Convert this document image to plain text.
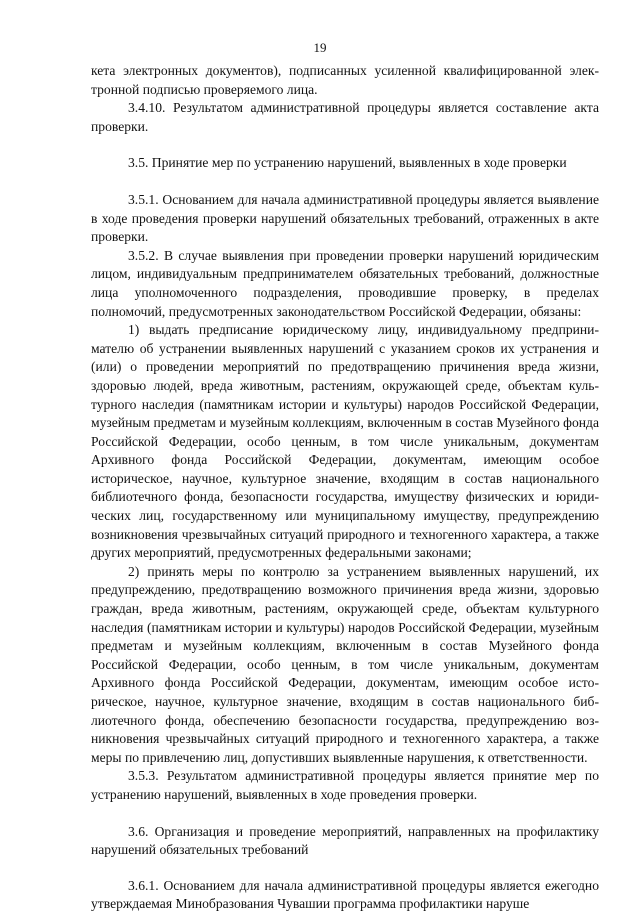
19

кета электронных документов), подписанных усиленной квалифицированной электронной подписью проверяемого лица.

3.4.10. Результатом административной процедуры является составление акта проверки.

3.5. Принятие мер по устранению нарушений, выявленных в ходе проверки

3.5.1. Основанием для начала административной процедуры является выявление в ходе проведения проверки нарушений обязательных требований, отраженных в акте проверки.

3.5.2. В случае выявления при проведении проверки нарушений юридическим лицом, индивидуальным предпринимателем обязательных требований, должностные лица уполномоченного подразделения, проводившие проверку, в пределах полномочий, предусмотренных законодательством Российской Федерации, обязаны:

1) выдать предписание юридическому лицу, индивидуальному предпринимателю об устранении выявленных нарушений с указанием сроков их устранения и (или) о проведении мероприятий по предотвращению причинения вреда жизни, здоровью людей, вреда животным, растениям, окружающей среде, объектам культурного наследия (памятникам истории и культуры) народов Российской Федерации, музейным предметам и музейным коллекциям, включенным в состав Музейного фонда Российской Федерации, особо ценным, в том числе уникальным, документам Архивного фонда Российской Федерации, документам, имеющим особое историческое, научное, культурное значение, входящим в состав национального библиотечного фонда, безопасности государства, имуществу физических и юридических лиц, государственному или муниципальному имуществу, предупреждению возникновения чрезвычайных ситуаций природного и техногенного характера, а также других мероприятий, предусмотренных федеральными законами;

2) принять меры по контролю за устранением выявленных нарушений, их предупреждению, предотвращению возможного причинения вреда жизни, здоровью граждан, вреда животным, растениям, окружающей среде, объектам культурного наследия (памятникам истории и культуры) народов Российской Федерации, музейным предметам и музейным коллекциям, включенным в состав Музейного фонда Российской Федерации, особо ценным, в том числе уникальным, документам Архивного фонда Российской Федерации, документам, имеющим особое историческое, научное, культурное значение, входящим в состав национального библиотечного фонда, обеспечению безопасности государства, предупреждению возникновения чрезвычайных ситуаций природного и техногенного характера, а также меры по привлечению лиц, допустивших выявленные нарушения, к ответственности.

3.5.3. Результатом административной процедуры является принятие мер по устранению нарушений, выявленных в ходе проведения проверки.

3.6. Организация и проведение мероприятий, направленных на профилактику нарушений обязательных требований

3.6.1. Основанием для начала административной процедуры является ежегодно утверждаемая Минобразования Чувашии программа профилактики наруше
